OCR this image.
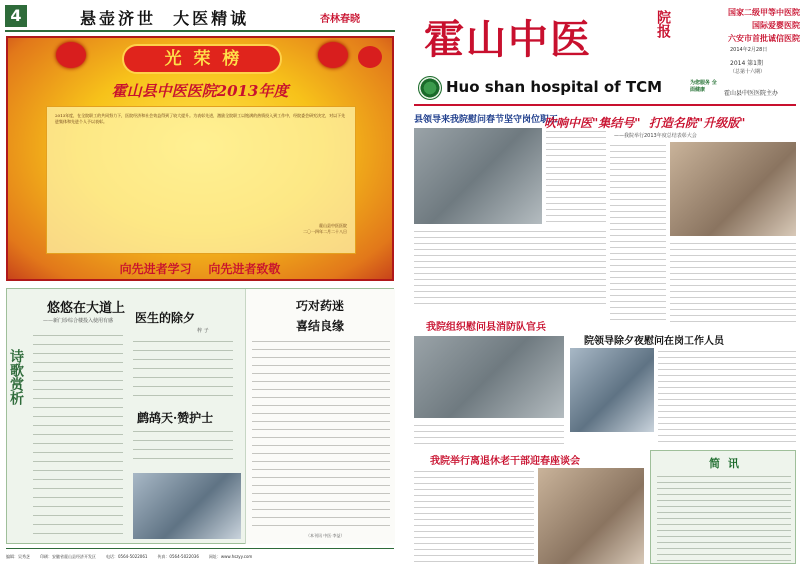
4	悬壶济世  大医精诚	杏林春晓
光  荣  榜
霍山县中医医院2013年度
2013年度，在全院职工的共同努力下，医院经济和社会效益得到了较大提升。为表彰先进，激励全院职工以饱满的热情投入到工作中，经院委会研究决定，对以下先进集体和先进个人予以表彰。
霍山县中医医院
二〇一四年二月二十八日
向先进者学习    向先进者致敬
诗歌赏析
悠悠在大道上
——新门诊综合楼投入使用有感 医生的除夕
梓 子
鹧鸪天·赞护士
巧对药迷
喜结良缘
（本刊讯 中医·李益）
编辑：吴秀芝	印刷：安徽省霍山县经济开发区	电话：0564-5022061	传真：0564-5022036	网址：www.hszyy.com
霍山中医	院报	国家二级甲等中医院
国际爱婴医院
六安市首批诚信医院
2014年2月28日
2014 第1期
（总第十六期）
Huo shan hospital of TCM	为您服务 全面健康	霍山县中医医院主办
县领导来我院慰问春节坚守岗位职工
吹响中医"集结号"  打造名院"升级版"
——我院举行2013年度总结表彰大会
我院组织慰问县消防队官兵
院领导除夕夜慰问在岗工作人员
我院举行离退休老干部迎春座谈会	简  讯
